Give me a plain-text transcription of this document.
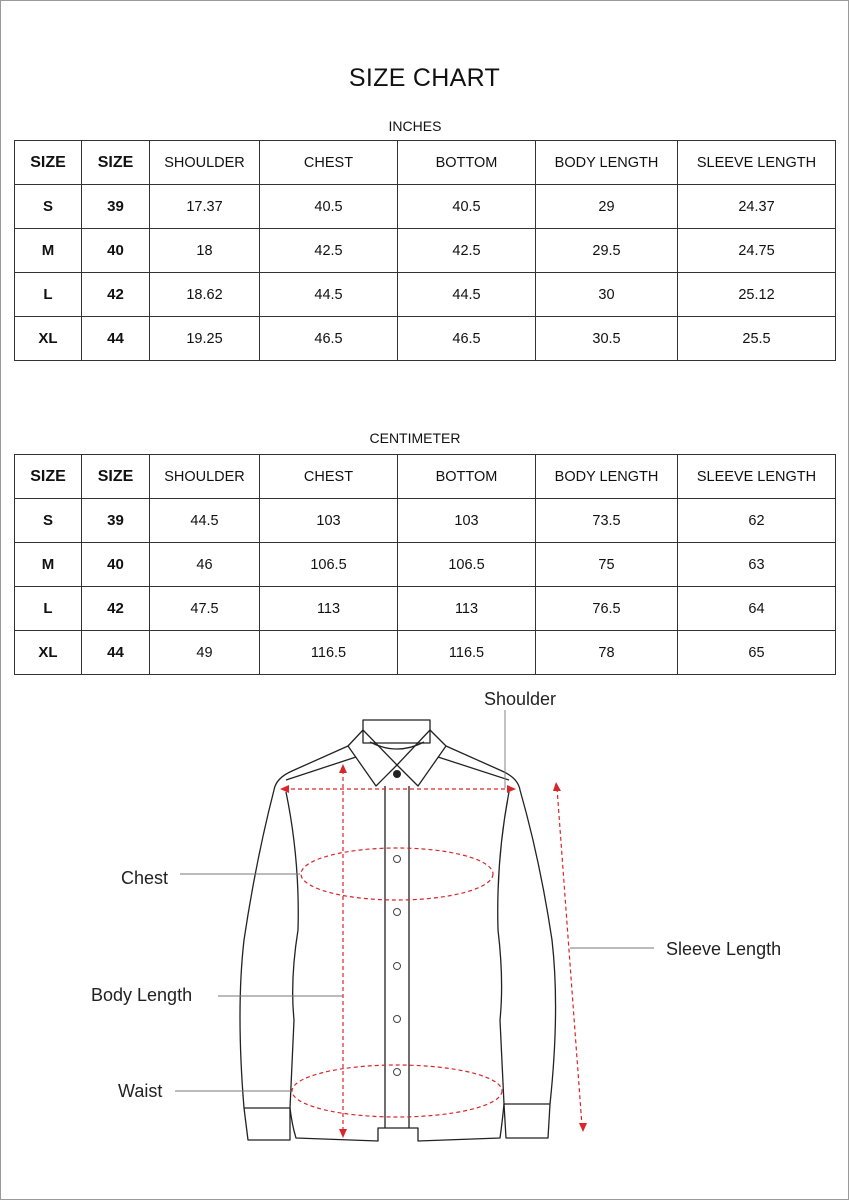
SIZE CHART
INCHES
SIZE	SIZE	SHOULDER	CHEST	BOTTOM	BODY LENGTH	SLEEVE LENGTH
S	39	17.37	40.5	40.5	29	24.37
M	40	18	42.5	42.5	29.5	24.75
L	42	18.62	44.5	44.5	30	25.12
XL	44	19.25	46.5	46.5	30.5	25.5
CENTIMETER
SIZE	SIZE	SHOULDER	CHEST	BOTTOM	BODY LENGTH	SLEEVE LENGTH
S	39	44.5	103	103	73.5	62
M	40	46	106.5	106.5	75	63
L	42	47.5	113	113	76.5	64
XL	44	49	116.5	116.5	78	65
Shoulder
Chest
Body Length
Waist
Sleeve Length
